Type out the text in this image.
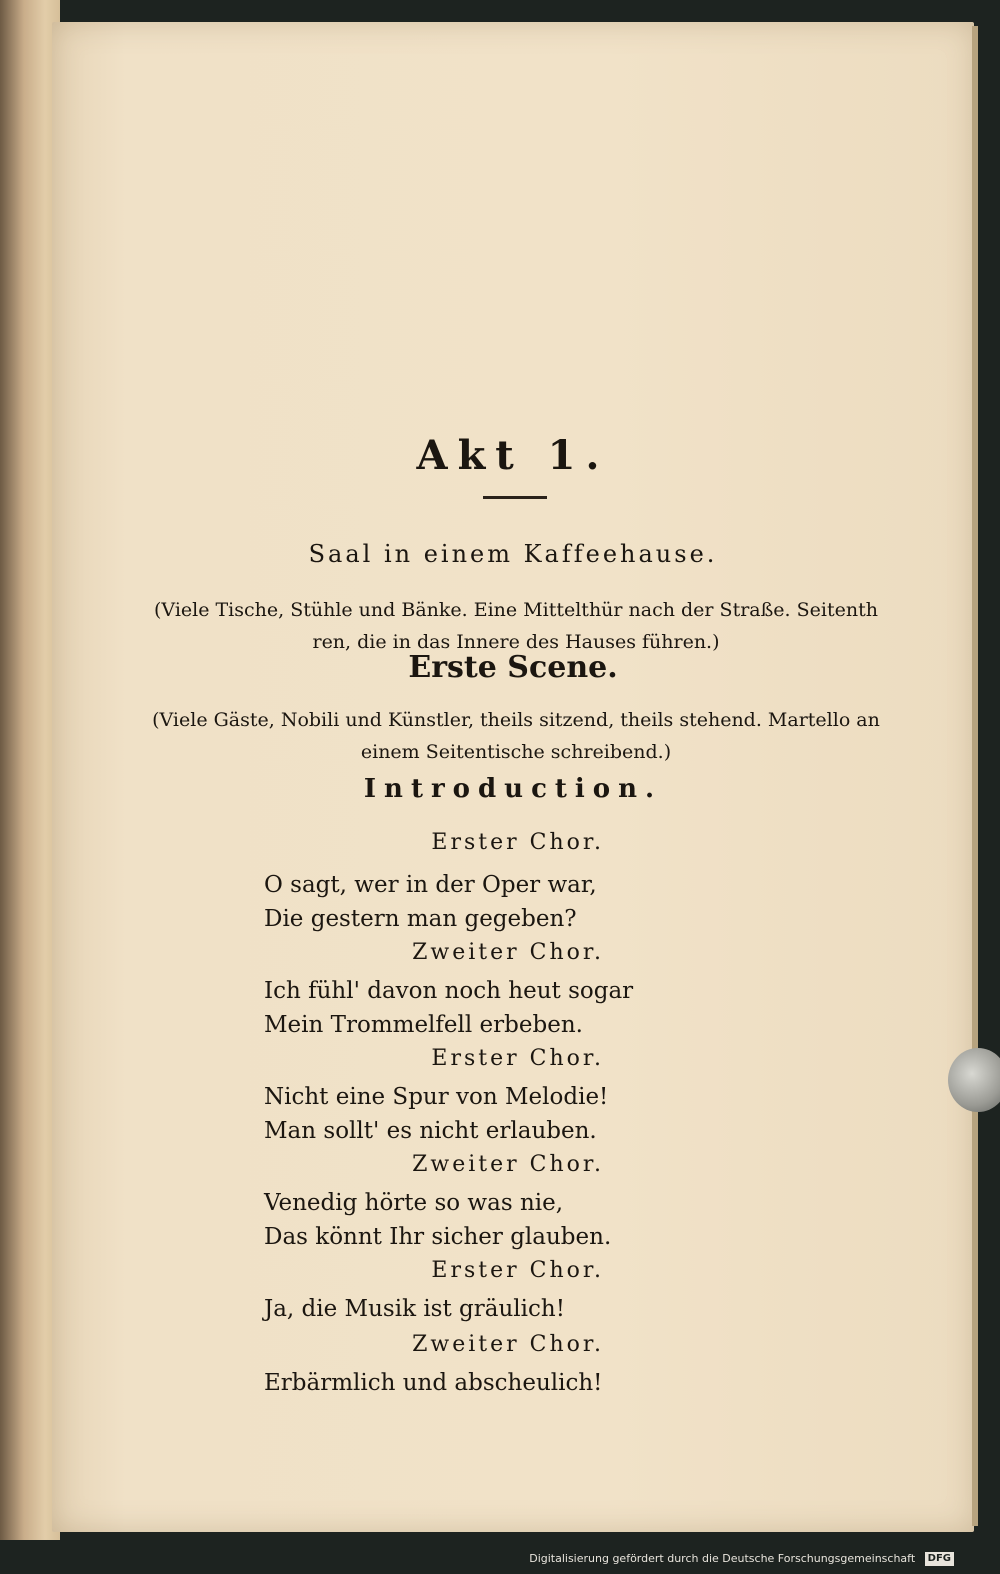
Akt 1.
Saal in einem Kaffeehause.
(Viele Tische, Stühle und Bänke. Eine Mittelthür nach der Straße. Seitenth ren, die in das Innere des Hauses führen.)
Erste Scene.
(Viele Gäste, Nobili und Künstler, theils sitzend, theils stehend. Martello an einem Seitentische schreibend.)
Introduction.
Erster Chor.
O sagt, wer in der Oper war,
Die gestern man gegeben?
Zweiter Chor.
Ich fühl' davon noch heut sogar
Mein Trommelfell erbeben.
Erster Chor.
Nicht eine Spur von Melodie!
Man sollt' es nicht erlauben.
Zweiter Chor.
Venedig hörte so was nie,
Das könnt Ihr sicher glauben.
Erster Chor.
Ja, die Musik ist gräulich!
Zweiter Chor.
Erbärmlich und abscheulich!
Digitalisierung gefördert durch die Deutsche Forschungsgemeinschaft DFG
